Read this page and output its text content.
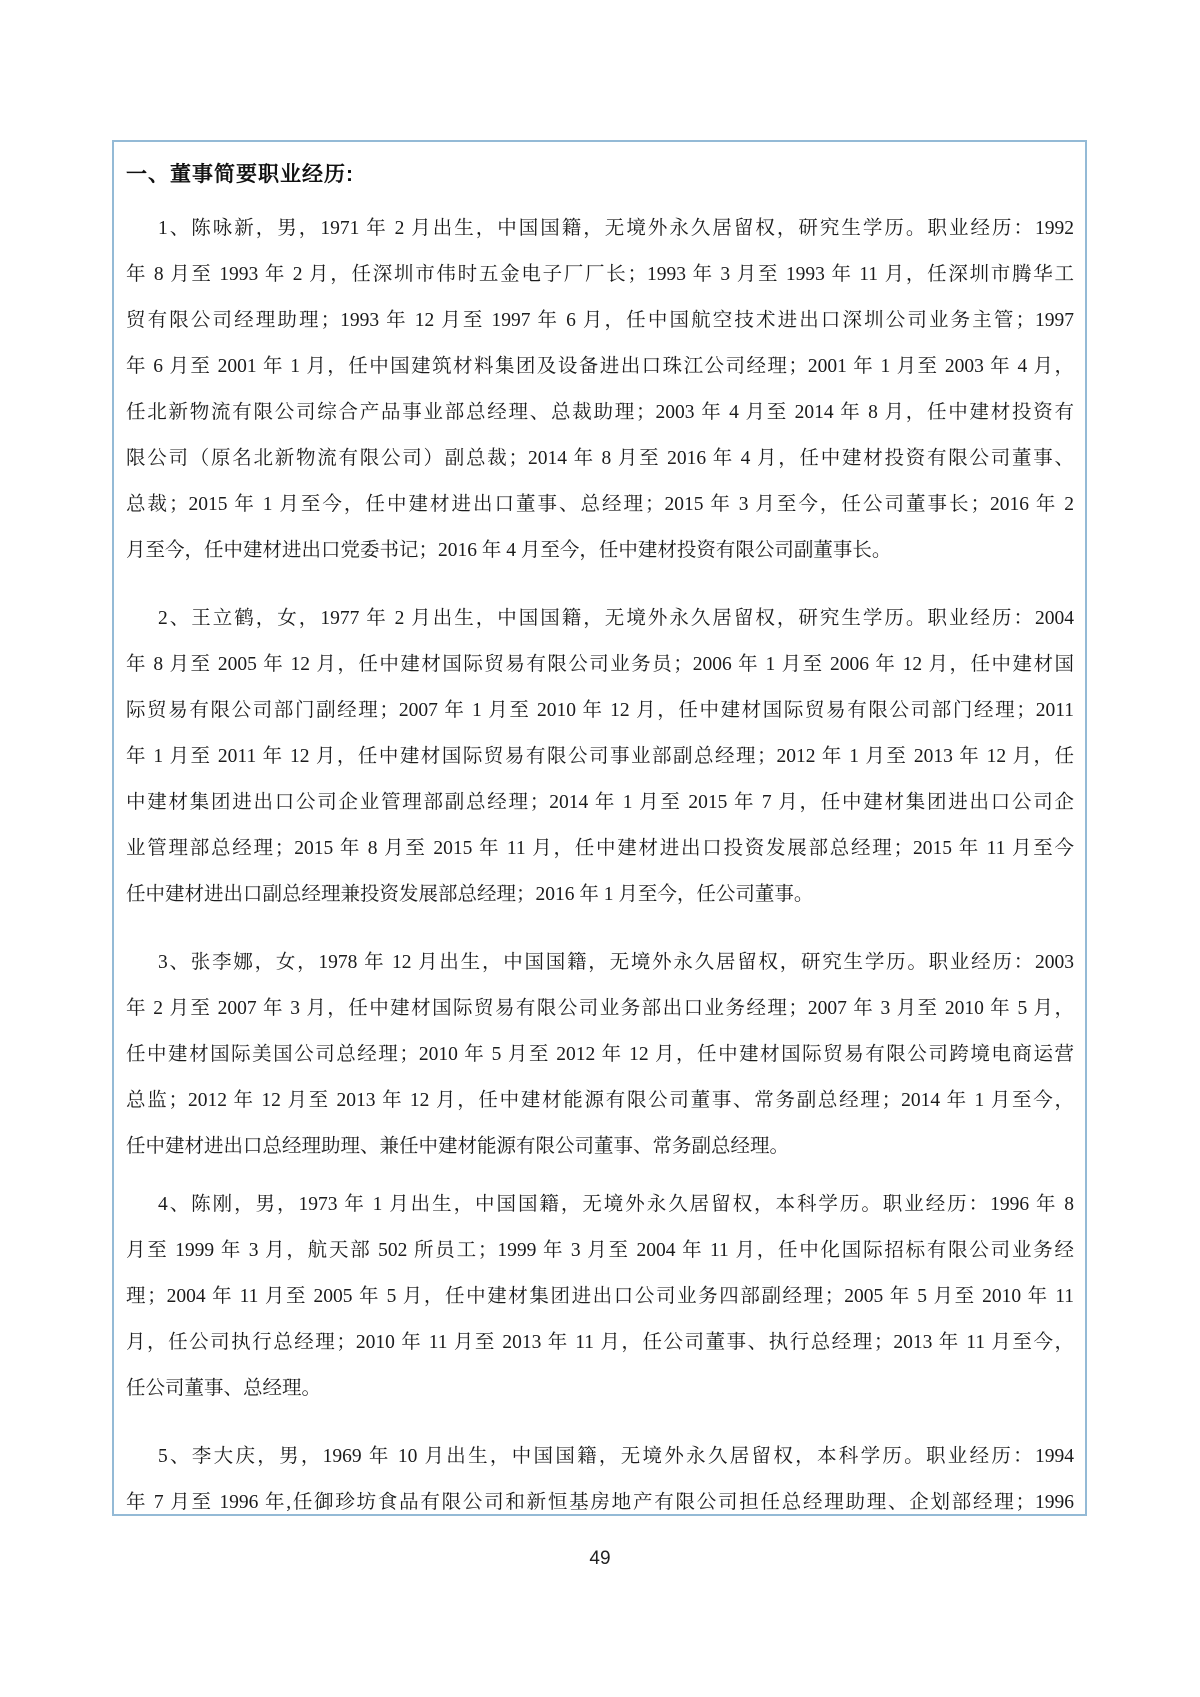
一、董事简要职业经历:
1、陈咏新，男，1971 年 2 月出生，中国国籍，无境外永久居留权，研究生学历。职业经历：1992
年 8 月至 1993 年 2 月，任深圳市伟时五金电子厂厂长；1993 年 3 月至 1993 年 11 月，任深圳市腾华工
贸有限公司经理助理；1993 年 12 月至 1997 年 6 月，任中国航空技术进出口深圳公司业务主管；1997
年 6 月至 2001 年 1 月，任中国建筑材料集团及设备进出口珠江公司经理；2001 年 1 月至 2003 年 4 月，
任北新物流有限公司综合产品事业部总经理、总裁助理；2003 年 4 月至 2014 年 8 月，任中建材投资有
限公司（原名北新物流有限公司）副总裁；2014 年 8 月至 2016 年 4 月，任中建材投资有限公司董事、
总裁；2015 年 1 月至今，任中建材进出口董事、总经理；2015 年 3 月至今，任公司董事长；2016 年 2
月至今，任中建材进出口党委书记；2016 年 4 月至今，任中建材投资有限公司副董事长。
2、王立鹤，女，1977 年 2 月出生，中国国籍，无境外永久居留权，研究生学历。职业经历：2004
年 8 月至 2005 年 12 月，任中建材国际贸易有限公司业务员；2006 年 1 月至 2006 年 12 月，任中建材国
际贸易有限公司部门副经理；2007 年 1 月至 2010 年 12 月，任中建材国际贸易有限公司部门经理；2011
年 1 月至 2011 年 12 月，任中建材国际贸易有限公司事业部副总经理；2012 年 1 月至 2013 年 12 月，任
中建材集团进出口公司企业管理部副总经理；2014 年 1 月至 2015 年 7 月，任中建材集团进出口公司企
业管理部总经理；2015 年 8 月至 2015 年 11 月，任中建材进出口投资发展部总经理；2015 年 11 月至今
任中建材进出口副总经理兼投资发展部总经理；2016 年 1 月至今，任公司董事。
3、张李娜，女，1978 年 12 月出生，中国国籍，无境外永久居留权，研究生学历。职业经历：2003
年 2 月至 2007 年 3 月，任中建材国际贸易有限公司业务部出口业务经理；2007 年 3 月至 2010 年 5 月，
任中建材国际美国公司总经理；2010 年 5 月至 2012 年 12 月，任中建材国际贸易有限公司跨境电商运营
总监；2012 年 12 月至 2013 年 12 月，任中建材能源有限公司董事、常务副总经理；2014 年 1 月至今，
任中建材进出口总经理助理、兼任中建材能源有限公司董事、常务副总经理。
4、陈刚，男，1973 年 1 月出生，中国国籍，无境外永久居留权，本科学历。职业经历：1996 年 8
月至 1999 年 3 月，航天部 502 所员工；1999 年 3 月至 2004 年 11 月，任中化国际招标有限公司业务经
理；2004 年 11 月至 2005 年 5 月，任中建材集团进出口公司业务四部副经理；2005 年 5 月至 2010 年 11
月，任公司执行总经理；2010 年 11 月至 2013 年 11 月，任公司董事、执行总经理；2013 年 11 月至今，
任公司董事、总经理。
5、李大庆，男，1969 年 10 月出生，中国国籍，无境外永久居留权，本科学历。职业经历：1994
年 7 月至 1996 年,任御珍坊食品有限公司和新恒基房地产有限公司担任总经理助理、企划部经理；1996
49
